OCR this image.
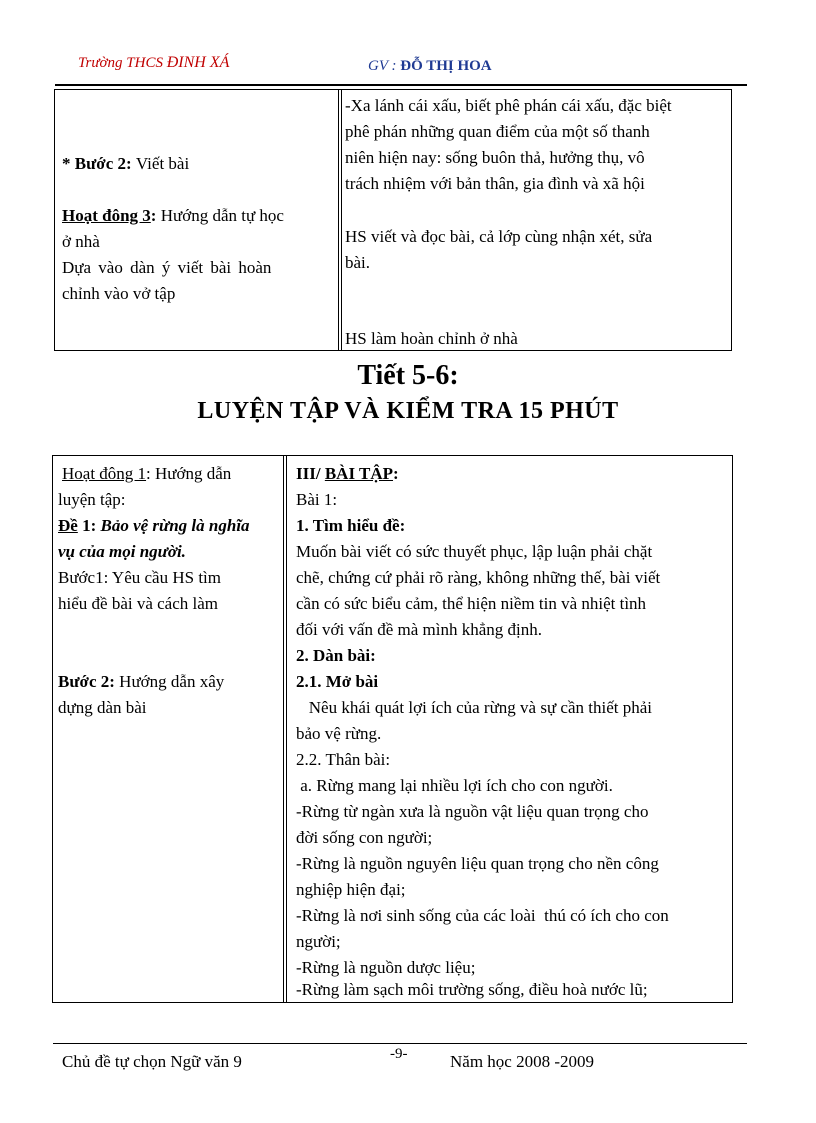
Trường THCS ĐINH XÁ	GV : ĐỖ THỊ HOA
* Bước 2: Viết bài
Hoạt đông 3: Hướng dẫn tự học
ở nhà
Dựa vào dàn ý viết bài hoàn
chỉnh vào vở tập
-Xa lánh cái xấu, biết phê phán cái xấu, đặc biệt
phê phán những quan điểm của một số thanh
niên hiện nay: sống buôn thả, hưởng thụ, vô
trách nhiệm với bản thân, gia đình và xã hội
HS viết và đọc bài, cả lớp cùng nhận xét, sửa
bài.
HS làm hoàn chỉnh ở nhà
Tiết 5-6:
LUYỆN TẬP VÀ KIỂM TRA 15 PHÚT
Hoạt đông 1: Hướng dẫn
luyện tập:
Đề 1: Bảo vệ rừng là nghĩa
vụ của mọi người.
Bước1: Yêu cầu HS tìm
hiểu đề bài và cách làm
Bước 2: Hướng dẫn xây
dựng dàn bài
III/ BÀI TẬP:
Bài 1:
1. Tìm hiểu đề:
Muốn bài viết có sức thuyết phục, lập luận phải chặt
chẽ, chứng cứ phải rõ ràng, không những thế, bài viết
cần có sức biểu cảm, thể hiện niềm tin và nhiệt tình
đối với vấn đề mà mình khẳng định.
2. Dàn bài:
2.1. Mở bài
Nêu khái quát lợi ích của rừng và sự cần thiết phải
bảo vệ rừng.
2.2. Thân bài:
a. Rừng mang lại nhiều lợi ích cho con người.
-Rừng từ ngàn xưa là nguồn vật liệu quan trọng cho
đời sống con người;
-Rừng là nguồn nguyên liệu quan trọng cho nền công
nghiệp hiện đại;
-Rừng là nơi sinh sống của các loài  thú có ích cho con
người;
-Rừng là nguồn dược liệu;
-Rừng làm sạch môi trường sống, điều hoà nước lũ;
Chủ đề tự chọn Ngữ văn 9	-9-	Năm học 2008 -2009
